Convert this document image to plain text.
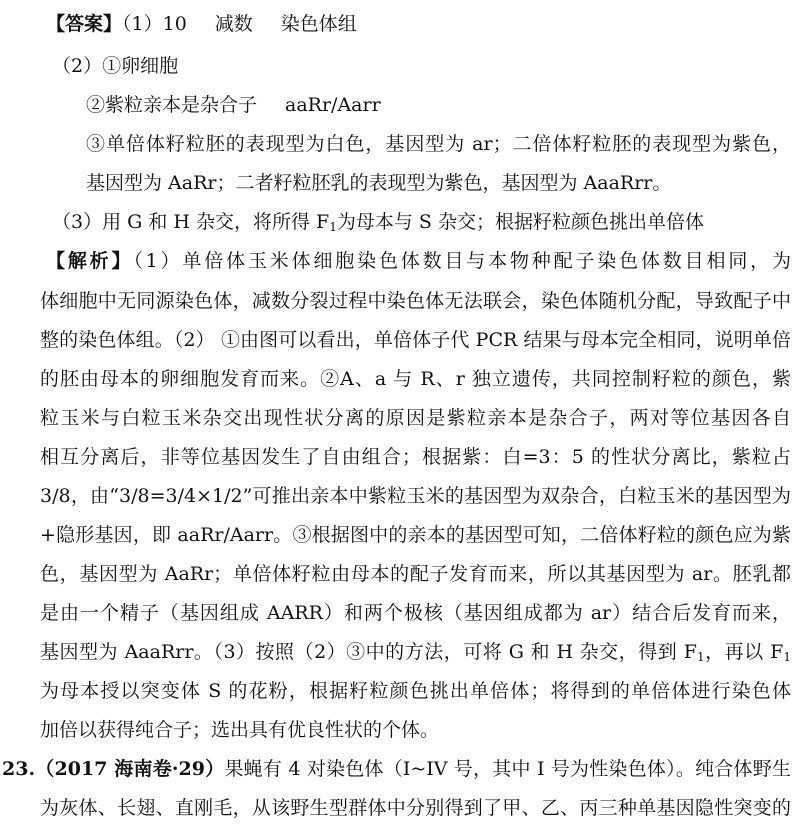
【答案】（1）10 减数 染色体组
（2）①卵细胞
②紫粒亲本是杂合子 aaRr/Aarr
③单倍体籽粒胚的表现型为白色，基因型为 ar；二倍体籽粒胚的表现型为紫色，
基因型为 AaRr；二者籽粒胚乳的表现型为紫色，基因型为 AaaRrr。
（3）用 G 和 H 杂交，将所得 $F_1$为母本与 S 杂交；根据籽粒颜色挑出单倍体
【解析】（1）单倍体玉米体细胞染色体数目与本物种配子染色体数目相同，为
体细胞中无同源染色体，减数分裂过程中染色体无法联会，染色体随机分配，导致配子中
整的染色体组。（2） ①由图可以看出，单倍体子代 PCR 结果与母本完全相同，说明单倍
的胚由母本的卵细胞发育而来。②A、a 与 R、r 独立遗传，共同控制籽粒的颜色，紫
粒玉米与白粒玉米杂交出现性状分离的原因是紫粒亲本是杂合子，两对等位基因各自
相互分离后，非等位基因发生了自由组合；根据紫：白=3：5 的性状分离比，紫粒占
3/8，由“3/8=3/4×1/2”可推出亲本中紫粒玉米的基因型为双杂合，白粒玉米的基因型为
+隐形基因，即 aaRr/Aarr。③根据图中的亲本的基因型可知，二倍体籽粒的颜色应为紫
色，基因型为 AaRr；单倍体籽粒由母本的配子发育而来，所以其基因型为 ar。胚乳都
是由一个精子（基因组成 AARR）和两个极核（基因组成都为 ar）结合后发育而来，
基因型为 AaaRrr。（3）按照（2）③中的方法，可将 G 和 H 杂交，得到 $F_1$，再以 $F_1$
为母本授以突变体 S 的花粉，根据籽粒颜色挑出单倍体；将得到的单倍体进行染色体
加倍以获得纯合子；选出具有优良性状的个体。
23.（2017 海南卷·29）果蝇有 4 对染色体（I~IV 号，其中 I 号为性染色体）。纯合体野生
为灰体、长翅、直刚毛，从该野生型群体中分别得到了甲、乙、丙三种单基因隐性突变的
